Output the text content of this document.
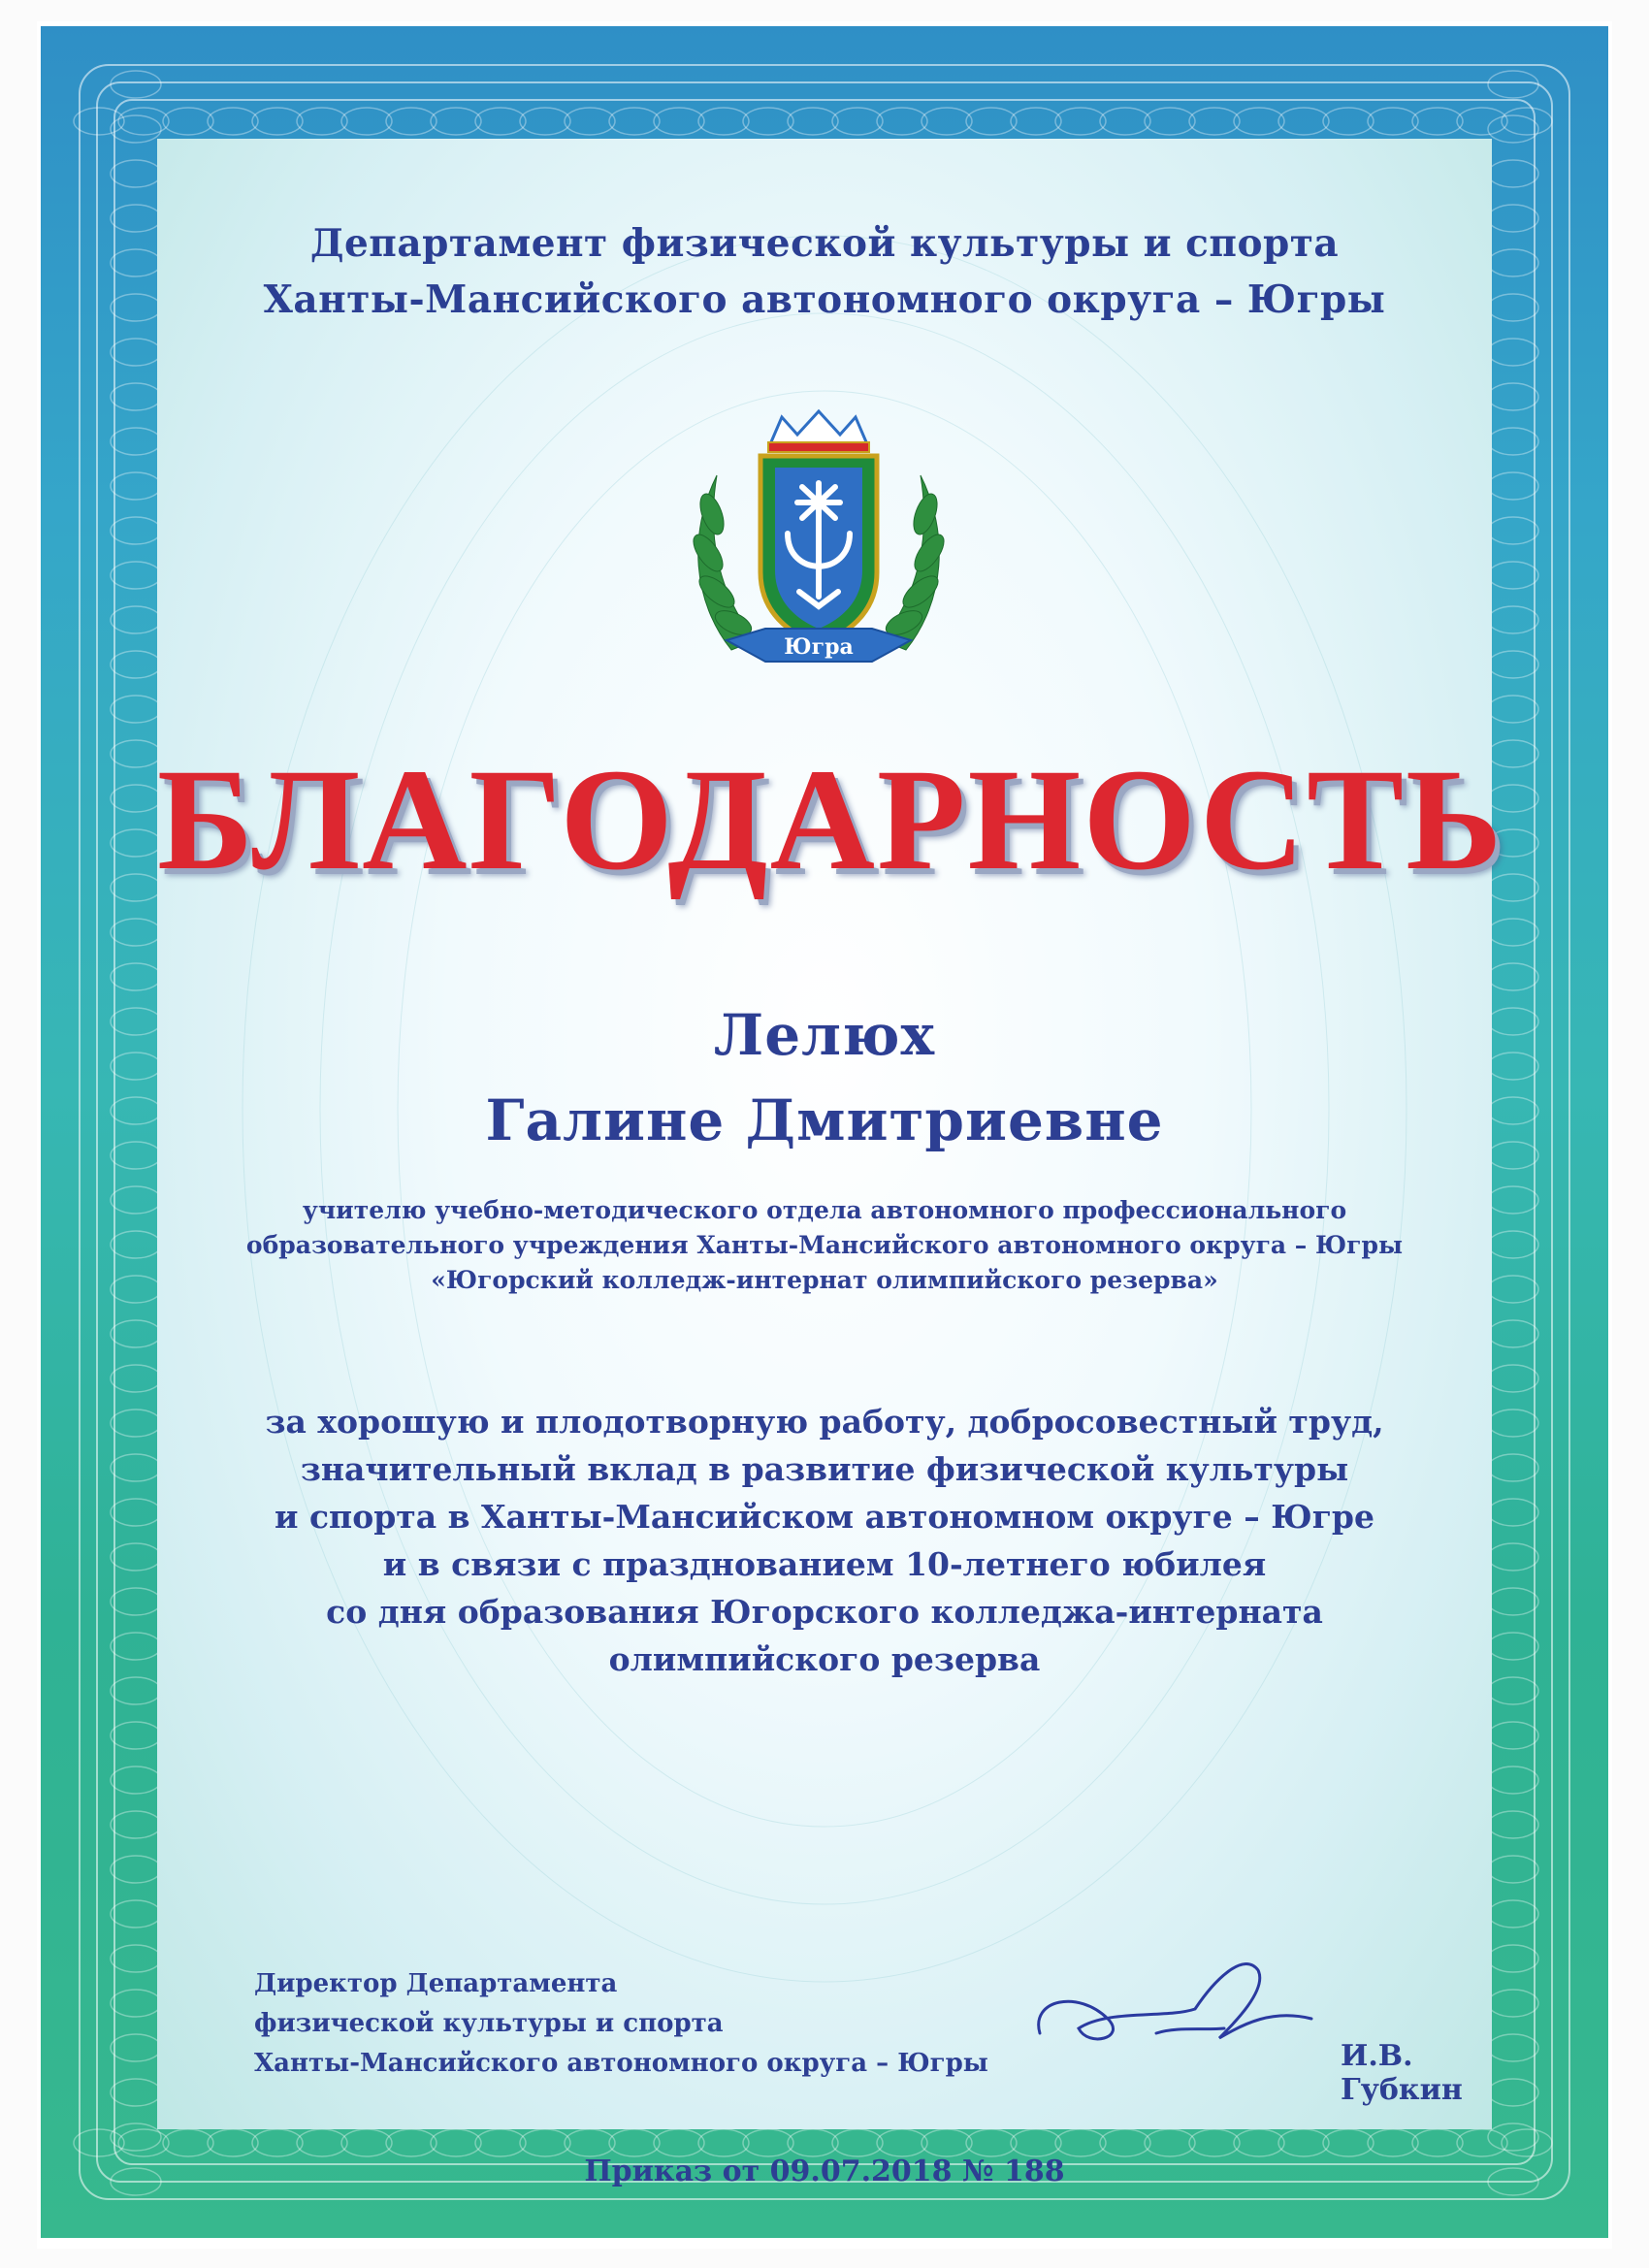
Департамент физической культуры и спорта
Ханты-Мансийского автономного округа – Югры
Югра
БЛАГОДАРНОСТЬ
Лелюх
Галине Дмитриевне
учителю учебно-методического отдела автономного профессионального
образовательного учреждения Ханты-Мансийского автономного округа – Югры
«Югорский колледж-интернат олимпийского резерва»
за хорошую и плодотворную работу, добросовестный труд,
значительный вклад в развитие физической культуры
и спорта в Ханты-Мансийском автономном округе – Югре
и в связи с празднованием 10-летнего юбилея
со дня образования Югорского колледжа-интерната
олимпийского резерва
Директор Департамента
физической культуры и спорта
Ханты-Мансийского автономного округа – Югры	И.В. Губкин
Приказ от 09.07.2018 № 188
